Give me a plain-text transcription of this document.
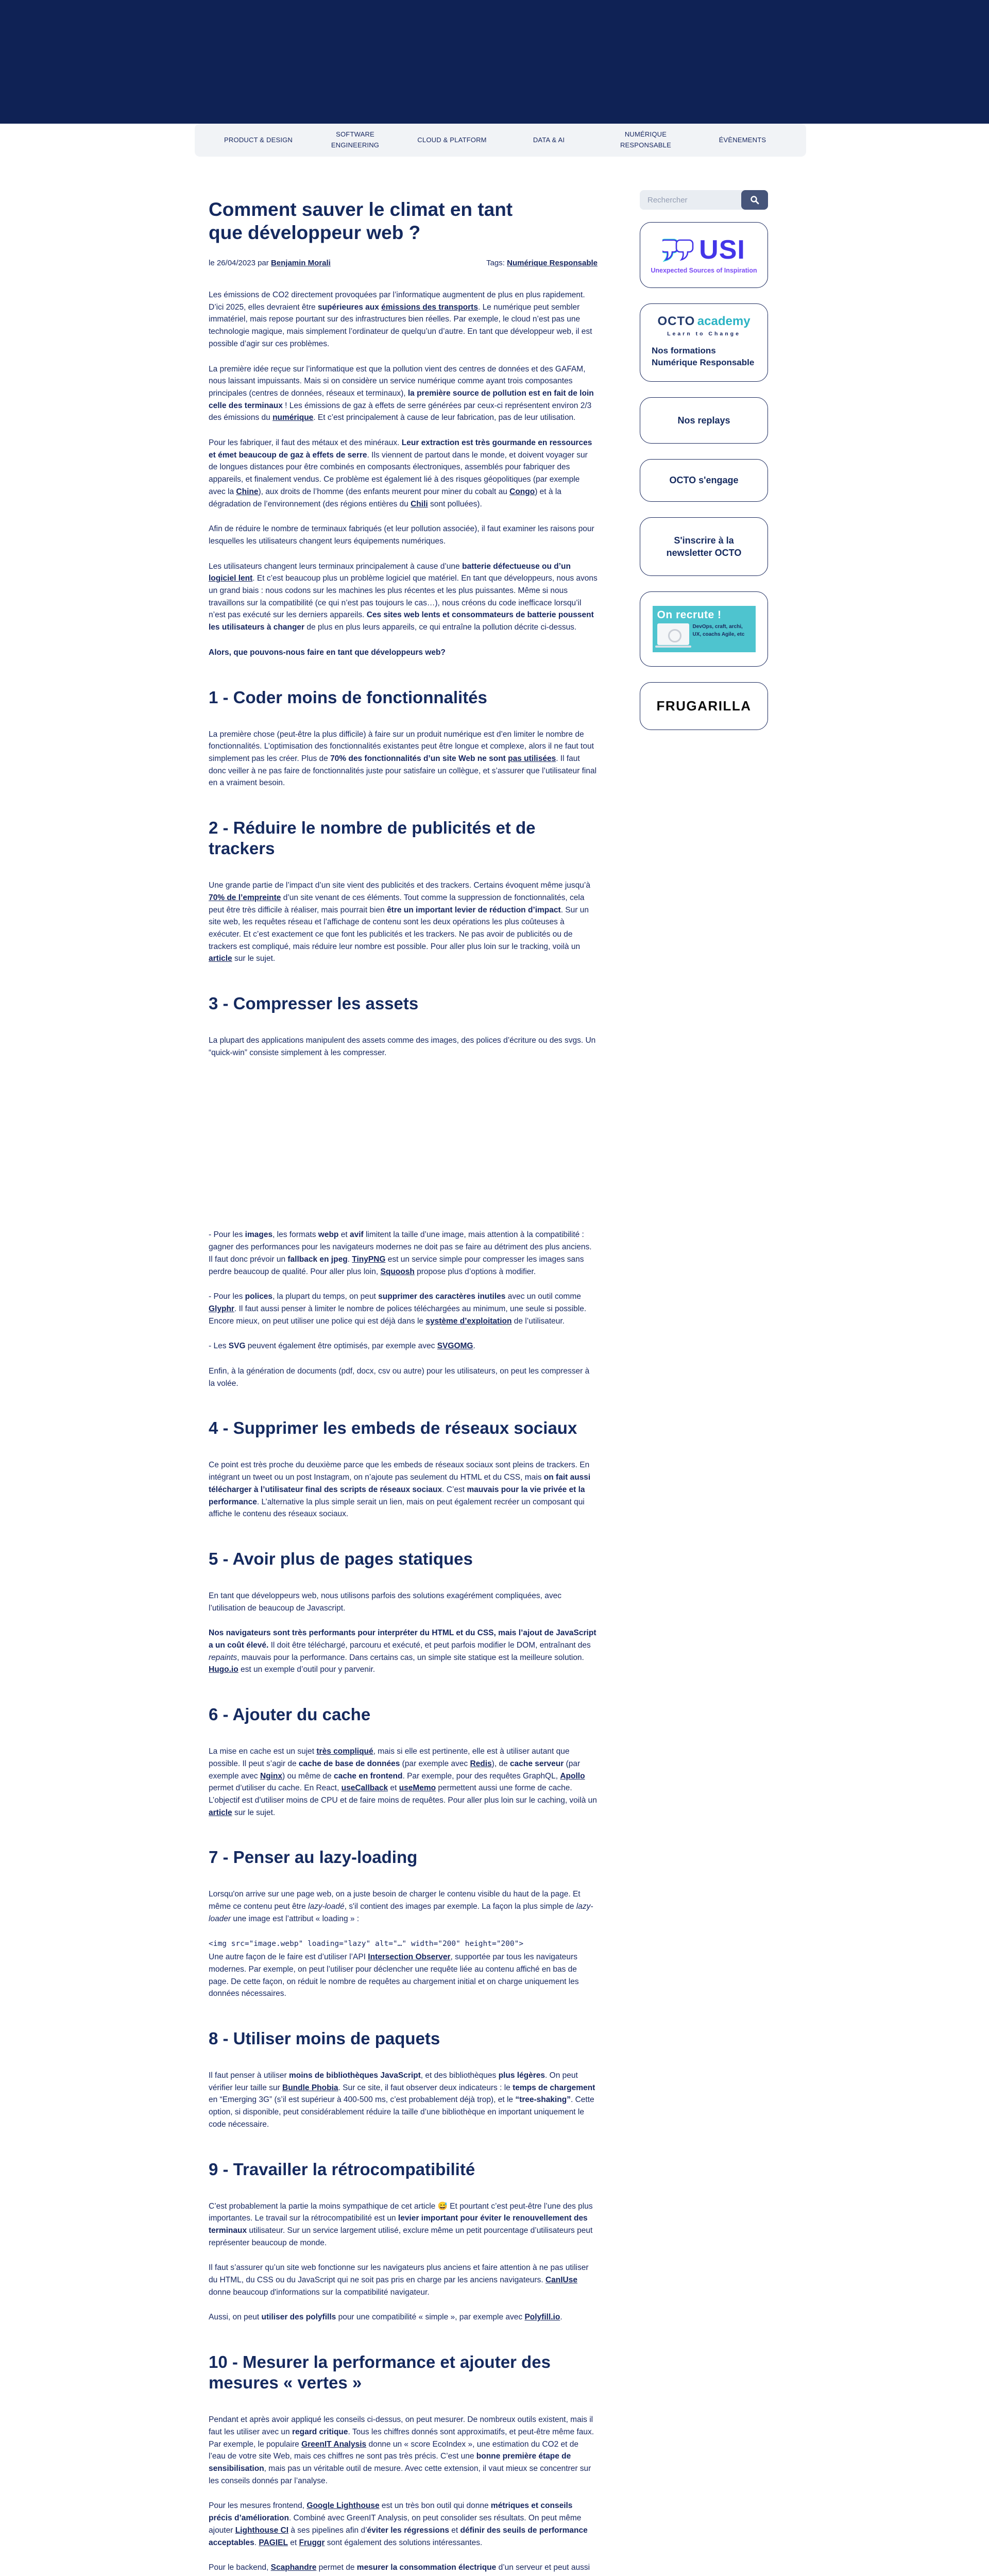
PRODUCT & DESIGN
SOFTWARE ENGINEERING
CLOUD & PLATFORM	DATA & AI
NUMÉRIQUE RESPONSABLE
ÉVÈNEMENTS
Comment sauver le climat en tant que développeur web ?
le 26/04/2023 par Benjamin Morali	Tags: Numérique Responsable

Les émissions de CO2 directement provoquées par l’informatique augmentent de plus en plus rapidement. D’ici 2025, elles devraient être supérieures aux émissions des transports. Le numérique peut sembler immatériel, mais repose pourtant sur des infrastructures bien réelles. Par exemple, le cloud n’est pas une technologie magique, mais simplement l’ordinateur de quelqu’un d’autre. En tant que développeur web, il est possible d’agir sur ces problèmes.

La première idée reçue sur l’informatique est que la pollution vient des centres de données et des GAFAM, nous laissant impuissants. Mais si on considère un service numérique comme ayant trois composantes principales (centres de données, réseaux et terminaux), la première source de pollution est en fait de loin celle des terminaux ! Les émissions de gaz à effets de serre générées par ceux-ci représentent environ 2/3 des émissions du numérique. Et c’est principalement à cause de leur fabrication, pas de leur utilisation.

Pour les fabriquer, il faut des métaux et des minéraux. Leur extraction est très gourmande en ressources et émet beaucoup de gaz à effets de serre. Ils viennent de partout dans le monde, et doivent voyager sur de longues distances pour être combinés en composants électroniques, assemblés pour fabriquer des appareils, et finalement vendus. Ce problème est également lié à des risques géopolitiques (par exemple avec la Chine), aux droits de l’homme (des enfants meurent pour miner du cobalt au Congo) et à la dégradation de l’environnement (des régions entières du Chili sont polluées).

Afin de réduire le nombre de terminaux fabriqués (et leur pollution associée), il faut examiner les raisons pour lesquelles les utilisateurs changent leurs équipements numériques.

Les utilisateurs changent leurs terminaux principalement à cause d’une batterie défectueuse ou d’un logiciel lent. Et c’est beaucoup plus un problème logiciel que matériel. En tant que développeurs, nous avons un grand biais : nous codons sur les machines les plus récentes et les plus puissantes. Même si nous travaillons sur la compatibilité (ce qui n’est pas toujours le cas…), nous créons du code inefficace lorsqu’il n’est pas exécuté sur les derniers appareils. Ces sites web lents et consommateurs de batterie poussent les utilisateurs à changer de plus en plus leurs appareils, ce qui entraîne la pollution décrite ci-dessus.

Alors, que pouvons-nous faire en tant que développeurs web?

1 - Coder moins de fonctionnalités

La première chose (peut-être la plus difficile) à faire sur un produit numérique est d’en limiter le nombre de fonctionnalités. L’optimisation des fonctionnalités existantes peut être longue et complexe, alors il ne faut tout simplement pas les créer. Plus de 70% des fonctionnalités d’un site Web ne sont pas utilisées. Il faut donc veiller à ne pas faire de fonctionnalités juste pour satisfaire un collègue, et s’assurer que l’utilisateur final en a vraiment besoin.

2 - Réduire le nombre de publicités et de trackers

Une grande partie de l’impact d’un site vient des publicités et des trackers. Certains évoquent même jusqu’à 70% de l’empreinte d’un site venant de ces éléments. Tout comme la suppression de fonctionnalités, cela peut être très difficile à réaliser, mais pourrait bien être un important levier de réduction d’impact. Sur un site web, les requêtes réseau et l’affichage de contenu sont les deux opérations les plus coûteuses à exécuter. Et c’est exactement ce que font les publicités et les trackers. Ne pas avoir de publicités ou de trackers est compliqué, mais réduire leur nombre est possible. Pour aller plus loin sur le tracking, voilà un article sur le sujet.

3 - Compresser les assets

La plupart des applications manipulent des assets comme des images, des polices d’écriture ou des svgs. Un “quick-win” consiste simplement à les compresser.

- Pour les images, les formats webp et avif limitent la taille d’une image, mais attention à la compatibilité : gagner des performances pour les navigateurs modernes ne doit pas se faire au détriment des plus anciens. Il faut donc prévoir un fallback en jpeg. TinyPNG est un service simple pour compresser les images sans perdre beaucoup de qualité. Pour aller plus loin, Squoosh propose plus d’options à modifier.

- Pour les polices, la plupart du temps, on peut supprimer des caractères inutiles avec un outil comme Glyphr. Il faut aussi penser à limiter le nombre de polices téléchargées au minimum, une seule si possible. Encore mieux, on peut utiliser une police qui est déjà dans le système d’exploitation de l’utilisateur.

- Les SVG peuvent également être optimisés, par exemple avec SVGOMG.

Enfin, à la génération de documents (pdf, docx, csv ou autre) pour les utilisateurs, on peut les compresser à la volée.

4 - Supprimer les embeds de réseaux sociaux

Ce point est très proche du deuxième parce que les embeds de réseaux sociaux sont pleins de trackers. En intégrant un tweet ou un post Instagram, on n’ajoute pas seulement du HTML et du CSS, mais on fait aussi télécharger à l’utilisateur final des scripts de réseaux sociaux. C’est mauvais pour la vie privée et la performance. L’alternative la plus simple serait un lien, mais on peut également recréer un composant qui affiche le contenu des réseaux sociaux.

5 - Avoir plus de pages statiques

En tant que développeurs web, nous utilisons parfois des solutions exagérément compliquées, avec l’utilisation de beaucoup de Javascript.

Nos navigateurs sont très performants pour interpréter du HTML et du CSS, mais l’ajout de JavaScript a un coût élevé. Il doit être téléchargé, parcouru et exécuté, et peut parfois modifier le DOM, entraînant des repaints, mauvais pour la performance. Dans certains cas, un simple site statique est la meilleure solution. Hugo.io est un exemple d’outil pour y parvenir.

6 - Ajouter du cache

La mise en cache est un sujet très compliqué, mais si elle est pertinente, elle est à utiliser autant que possible. Il peut s’agir de cache de base de données (par exemple avec Redis), de cache serveur (par exemple avec Nginx) ou même de cache en frontend. Par exemple, pour des requêtes GraphQL, Apollo permet d’utiliser du cache. En React, useCallback et useMemo permettent aussi une forme de cache. L’objectif est d’utiliser moins de CPU et de faire moins de requêtes. Pour aller plus loin sur le caching, voilà un article sur le sujet.

7 - Penser au lazy-loading

Lorsqu'on arrive sur une page web, on a juste besoin de charger le contenu visible du haut de la page. Et même ce contenu peut être lazy-loadé, s'il contient des images par exemple. La façon la plus simple de lazy-loader une image est l’attribut « loading » :

<img src="image.webp" loading="lazy" alt="…" width="200" height="200">

Une autre façon de le faire est d’utiliser l’API Intersection Observer, supportée par tous les navigateurs modernes. Par exemple, on peut l’utiliser pour déclencher une requête liée au contenu affiché en bas de page. De cette façon, on réduit le nombre de requêtes au chargement initial et on charge uniquement les données nécessaires.

8 - Utiliser moins de paquets

Il faut penser à utiliser moins de bibliothèques JavaScript, et des bibliothèques plus légères. On peut vérifier leur taille sur Bundle Phobia. Sur ce site, il faut observer deux indicateurs : le temps de chargement en “Emerging 3G” (s’il est supérieur à 400-500 ms, c’est probablement déjà trop), et le “tree-shaking”. Cette option, si disponible, peut considérablement réduire la taille d’une bibliothèque en important uniquement le code nécessaire.

9 - Travailler la rétrocompatibilité

C’est probablement la partie la moins sympathique de cet article 😅 Et pourtant c’est peut-être l’une des plus importantes. Le travail sur la rétrocompatibilité est un levier important pour éviter le renouvellement des terminaux utilisateur. Sur un service largement utilisé, exclure même un petit pourcentage d’utilisateurs peut représenter beaucoup de monde.

Il faut s’assurer qu’un site web fonctionne sur les navigateurs plus anciens et faire attention à ne pas utiliser du HTML, du CSS ou du JavaScript qui ne soit pas pris en charge par les anciens navigateurs. CanIUse donne beaucoup d'informations sur la compatibilité navigateur.

Aussi, on peut utiliser des polyfills pour une compatibilité « simple », par exemple avec Polyfill.io.

10 - Mesurer la performance et ajouter des mesures « vertes »

Pendant et après avoir appliqué les conseils ci-dessus, on peut mesurer. De nombreux outils existent, mais il faut les utiliser avec un regard critique. Tous les chiffres donnés sont approximatifs, et peut-être même faux. Par exemple, le populaire GreenIT Analysis donne un « score EcoIndex », une estimation du CO2 et de l’eau de votre site Web, mais ces chiffres ne sont pas très précis. C’est une bonne première étape de sensibilisation, mais pas un véritable outil de mesure. Avec cette extension, il vaut mieux se concentrer sur les conseils donnés par l’analyse.

Pour les mesures frontend, Google Lighthouse est un très bon outil qui donne métriques et conseils précis d’amélioration. Combiné avec GreenIT Analysis, on peut consolider ses résultats. On peut même ajouter Lighthouse CI à ses pipelines afin d’éviter les régressions et définir des seuils de performance acceptables. PAGIEL et Fruggr sont également des solutions intéressantes.

Pour le backend, Scaphandre permet de mesurer la consommation électrique d’un serveur et peut aussi

Rechercher
USI
Unexpected Sources of Inspiration
OCTO academy
Learn to Change
Nos formations Numérique Responsable
Nos replays
OCTO s'engage
S'inscrire à la newsletter OCTO
On recrute !
DevOps, craft, archi, UX, coachs Agile, etc
FRUGARILLA
